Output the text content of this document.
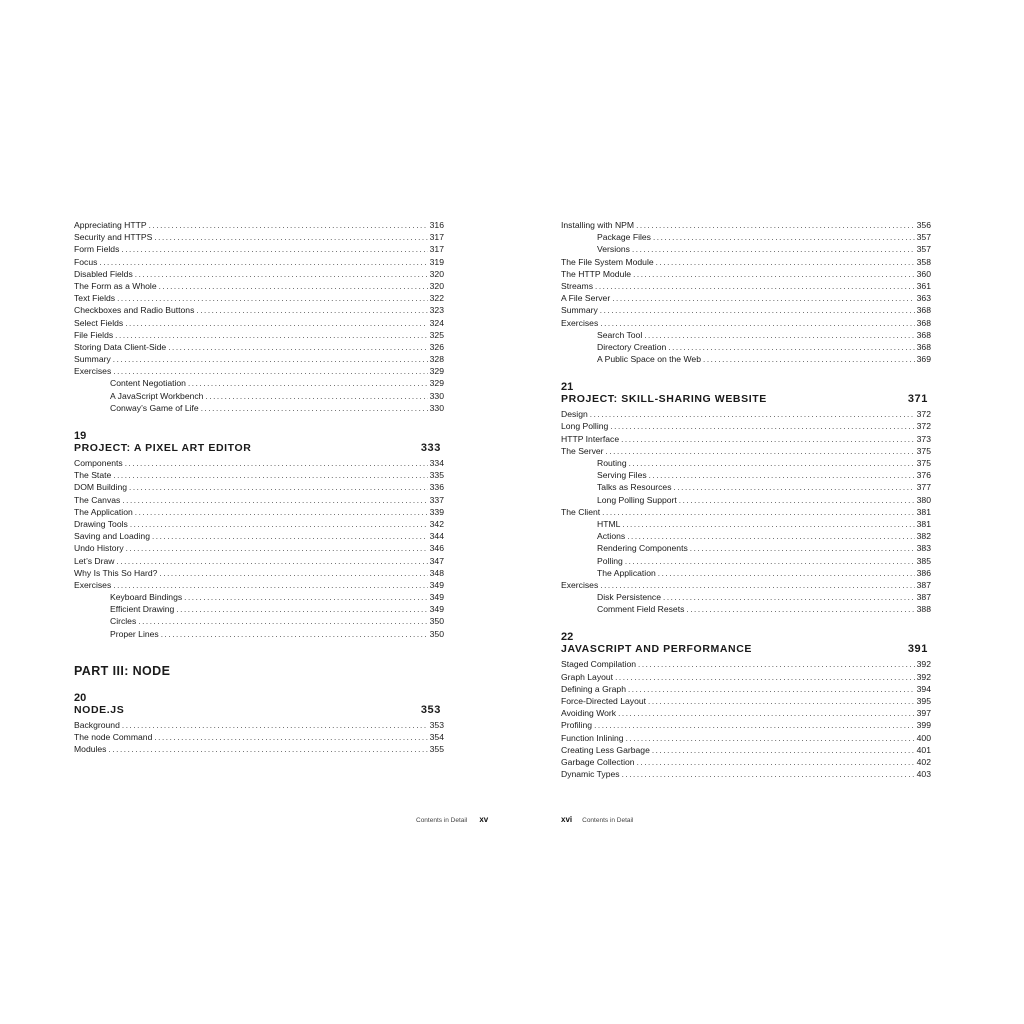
Appreciating HTTP .....	316
Security and HTTPS .....	317
Form Fields .....	317
Focus .....	319
Disabled Fields .....	320
The Form as a Whole .....	320
Text Fields .....	322
Checkboxes and Radio Buttons .....	323
Select Fields .....	324
File Fields .....	325
Storing Data Client-Side .....	326
Summary .....	328
Exercises .....	329
Content Negotiation .....	329
A JavaScript Workbench .....	330
Conway’s Game of Life .....	330
19
PROJECT: A PIXEL ART EDITOR	333
Components .....	334
The State .....	335
DOM Building .....	336
The Canvas .....	337
The Application .....	339
Drawing Tools .....	342
Saving and Loading .....	344
Undo History .....	346
Let’s Draw .....	347
Why Is This So Hard? .....	348
Exercises .....	349
Keyboard Bindings .....	349
Efficient Drawing .....	349
Circles .....	350
Proper Lines .....	350
PART III: NODE
20
NODE.JS	353
Background .....	353
The node Command .....	354
Modules .....	355
Contents in Detail xv
Installing with NPM .....	356
Package Files .....	357
Versions .....	357
The File System Module .....	358
The HTTP Module .....	360
Streams .....	361
A File Server .....	363
Summary .....	368
Exercises .....	368
Search Tool .....	368
Directory Creation .....	368
A Public Space on the Web .....	369
21
PROJECT: SKILL-SHARING WEBSITE	371
Design .....	372
Long Polling .....	372
HTTP Interface .....	373
The Server .....	375
Routing .....	375
Serving Files .....	376
Talks as Resources .....	377
Long Polling Support .....	380
The Client .....	381
HTML .....	381
Actions .....	382
Rendering Components .....	383
Polling .....	385
The Application .....	386
Exercises .....	387
Disk Persistence .....	387
Comment Field Resets .....	388
22
JAVASCRIPT AND PERFORMANCE	391
Staged Compilation .....	392
Graph Layout .....	392
Defining a Graph .....	394
Force-Directed Layout .....	395
Avoiding Work .....	397
Profiling .....	399
Function Inlining .....	400
Creating Less Garbage .....	401
Garbage Collection .....	402
Dynamic Types .....	403
xvi Contents in Detail
